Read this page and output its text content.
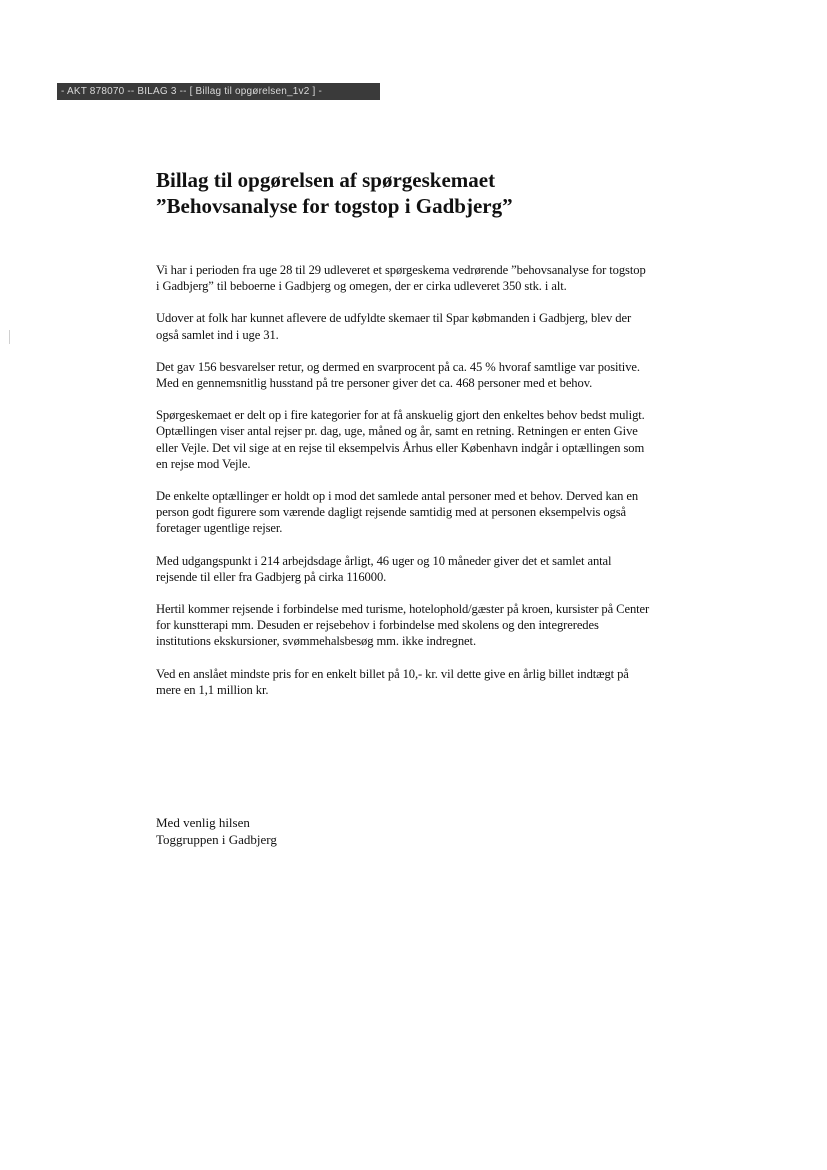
- AKT 878070 -- BILAG 3 -- [ Billag til opgørelsen_1v2 ] -
Billag til opgørelsen af spørgeskemaet
”Behovsanalyse for togstop i Gadbjerg”

Vi har i perioden fra uge 28 til 29 udleveret et spørgeskema vedrørende ”behovsanalyse for togstop i Gadbjerg” til beboerne i Gadbjerg og omegen, der er cirka udleveret 350 stk. i alt.

Udover at folk har kunnet aflevere de udfyldte skemaer til Spar købmanden i Gadbjerg, blev der også samlet ind i uge 31.

Det gav 156 besvarelser retur, og dermed en svarprocent på ca. 45 % hvoraf samtlige var positive. Med en gennemsnitlig husstand på tre personer giver det ca. 468 personer med et behov.

Spørgeskemaet er delt op i fire kategorier for at få anskuelig gjort den enkeltes behov bedst muligt. Optællingen viser antal rejser pr. dag, uge, måned og år, samt en retning. Retningen er enten Give eller Vejle. Det vil sige at en rejse til eksempelvis Århus eller København indgår i optællingen som en rejse mod Vejle.

De enkelte optællinger er holdt op i mod det samlede antal personer med et behov. Derved kan en person godt figurere som værende dagligt rejsende samtidig med at personen eksempelvis også foretager ugentlige rejser.

Med udgangspunkt i 214 arbejdsdage årligt, 46 uger og 10 måneder giver det et samlet antal rejsende til eller fra Gadbjerg på cirka 116000.

Hertil kommer rejsende i forbindelse med turisme, hotelophold/gæster på kroen, kursister på Center for kunstterapi mm. Desuden er rejsebehov i forbindelse med skolens og den integreredes institutions ekskursioner, svømmehalsbesøg mm. ikke indregnet.

Ved en anslået mindste pris for en enkelt billet på 10,- kr. vil dette give en årlig billet indtægt på mere en 1,1 million kr.

Med venlig hilsen
Toggruppen i Gadbjerg
